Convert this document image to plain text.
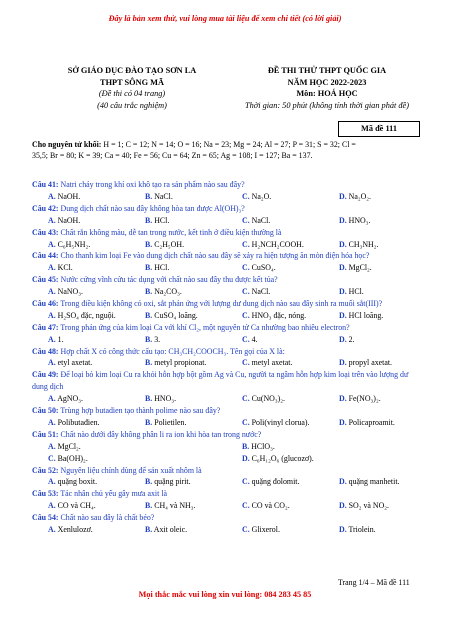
Đây là bản xem thử, vui lòng mua tài liệu để xem chi tiết (có lời giải)
SỞ GIÁO DỤC ĐÀO TẠO SƠN LA
THPT SÔNG MÃ
(Đề thi có 04 trang)
(40 câu trắc nghiệm)
ĐỀ THI THỬ THPT QUỐC GIA
NĂM HỌC 2022-2023
Môn: HOÁ HỌC
Thời gian: 50 phút (không tính thời gian phát đề)
Mã đề 111
Cho nguyên tử khối: H = 1; C = 12; N = 14; O = 16; Na = 23; Mg = 24; Al = 27; P = 31; S = 32; Cl =
35,5; Br = 80; K = 39; Ca = 40; Fe = 56; Cu = 64; Zn = 65; Ag = 108; I = 127; Ba = 137.
Câu 41: Natri cháy trong khí oxi khô tạo ra sản phẩm nào sau đây?
A. NaOH.	B. NaCl.	C. Na₂O.	D. Na₂O₂.
Câu 42: Dung dịch chất nào sau đây không hòa tan được Al(OH)₃?
A. NaOH.	B. HCl.	C. NaCl.	D. HNO₃.
Câu 43: Chất rắn không màu, dễ tan trong nước, kết tinh ở điều kiện thường là
A. C₆H₅NH₂.	B. C₂H₅OH.	C. H₂NCH₂COOH.	D. CH₃NH₂.
Câu 44: Cho thanh kim loại Fe vào dung dịch chất nào sau đây sẽ xảy ra hiện tượng ăn mòn điện hóa học?
A. KCl.	B. HCl.	C. CuSO₄.	D. MgCl₂.
Câu 45: Nước cứng vĩnh cửu tác dụng với chất nào sau đây thu được kết tủa?
A. NaNO₃.	B. Na₂CO₃.	C. NaCl.	D. HCl.
Câu 46: Trong điều kiện không có oxi, sắt phản ứng với lượng dư dung dịch nào sau đây sinh ra muối sắt(III)?
A. H₂SO₄ đặc, nguội.	B. CuSO₄ loãng.	C. HNO₃ đặc, nóng.	D. HCl loãng.
Câu 47: Trong phản ứng của kim loại Ca với khí Cl₂, một nguyên tử Ca nhường bao nhiêu electron?
A. 1.	B. 3.	C. 4.	D. 2.
Câu 48: Hợp chất X có công thức cấu tạo: CH₃CH₂COOCH₃. Tên gọi của X là:
A. etyl axetat.	B. metyl propionat.	C. metyl axetat.	D. propyl axetat.
Câu 49: Để loại bỏ kim loại Cu ra khỏi hỗn hợp bột gồm Ag và Cu, người ta ngâm hỗn hợp kim loại trên vào lượng dư dung dịch
A. AgNO₃.	B. HNO₃.	C. Cu(NO₃)₂.	D. Fe(NO₃)₂.
Câu 50: Trùng hợp butadien tạo thành polime nào sau đây?
A. Polibutađien.	B. Polietilen.	C. Poli(vinyl clorua).	D. Policaproamit.
Câu 51: Chất nào dưới đây không phân li ra ion khi hòa tan trong nước?
A. MgCl₂.	B. HClO₃.
C. Ba(OH)₂.	D. C₆H₁₂O₆ (glucozơ).
Câu 52: Nguyên liệu chính dùng để sản xuất nhôm là
A. quặng boxit.	B. quặng pirit.	C. quặng đolomit.	D. quặng manhetit.
Câu 53: Tác nhân chủ yếu gây mưa axit là
A. CO và CH₄.	B. CH₄ và NH₃.	C. CO và CO₂.	D. SO₂ và NO₂.
Câu 54: Chất nào sau đây là chất béo?
A. Xenlulozơ.	B. Axit oleic.	C. Glixerol.	D. Triolein.
Trang 1/4 – Mã đề 111
Mọi thắc mắc vui lòng xin vui lòng: 084 283 45 85
